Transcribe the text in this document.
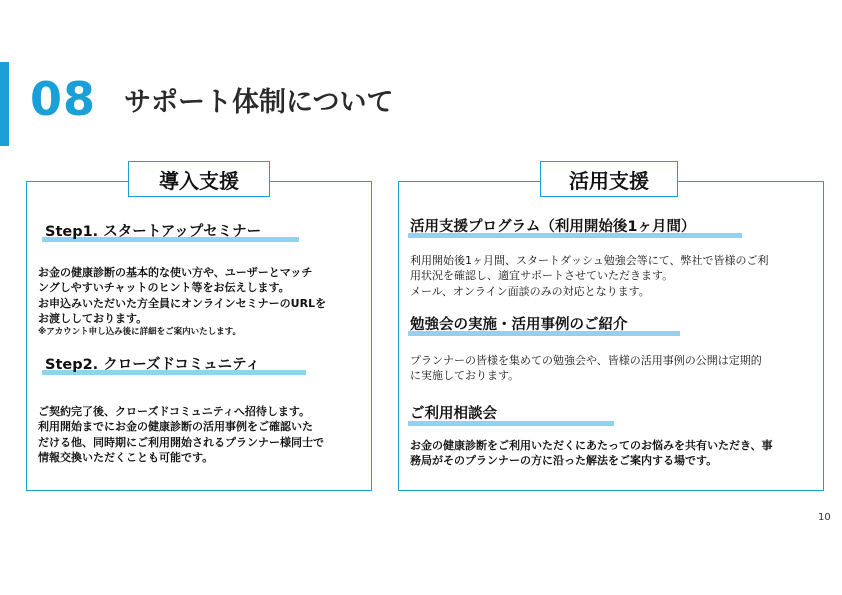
08 サポート体制について
導入支援
Step1. スタートアップセミナー
お金の健康診断の基本的な使い方や、ユーザーとマッチ
ングしやすいチャットのヒント等をお伝えします。
お申込みいただいた方全員にオンラインセミナーのURLを
お渡ししております。
※アカウント申し込み後に詳細をご案内いたします。
Step2. クローズドコミュニティ
ご契約完了後、クローズドコミュニティへ招待します。
利用開始までにお金の健康診断の活用事例をご確認いた
だける他、同時期にご利用開始されるプランナー様同士で
情報交換いただくことも可能です。
活用支援
活用支援プログラム（利用開始後1ヶ月間）
利用開始後1ヶ月間、スタートダッシュ勉強会等にて、弊社で皆様のご利
用状況を確認し、適宜サポートさせていただきます。
メール、オンライン面談のみの対応となります。
勉強会の実施・活用事例のご紹介
プランナーの皆様を集めての勉強会や、皆様の活用事例の公開は定期的
に実施しております。
ご利用相談会
お金の健康診断をご利用いただくにあたってのお悩みを共有いただき、事
務局がそのプランナーの方に沿った解法をご案内する場です。
10
